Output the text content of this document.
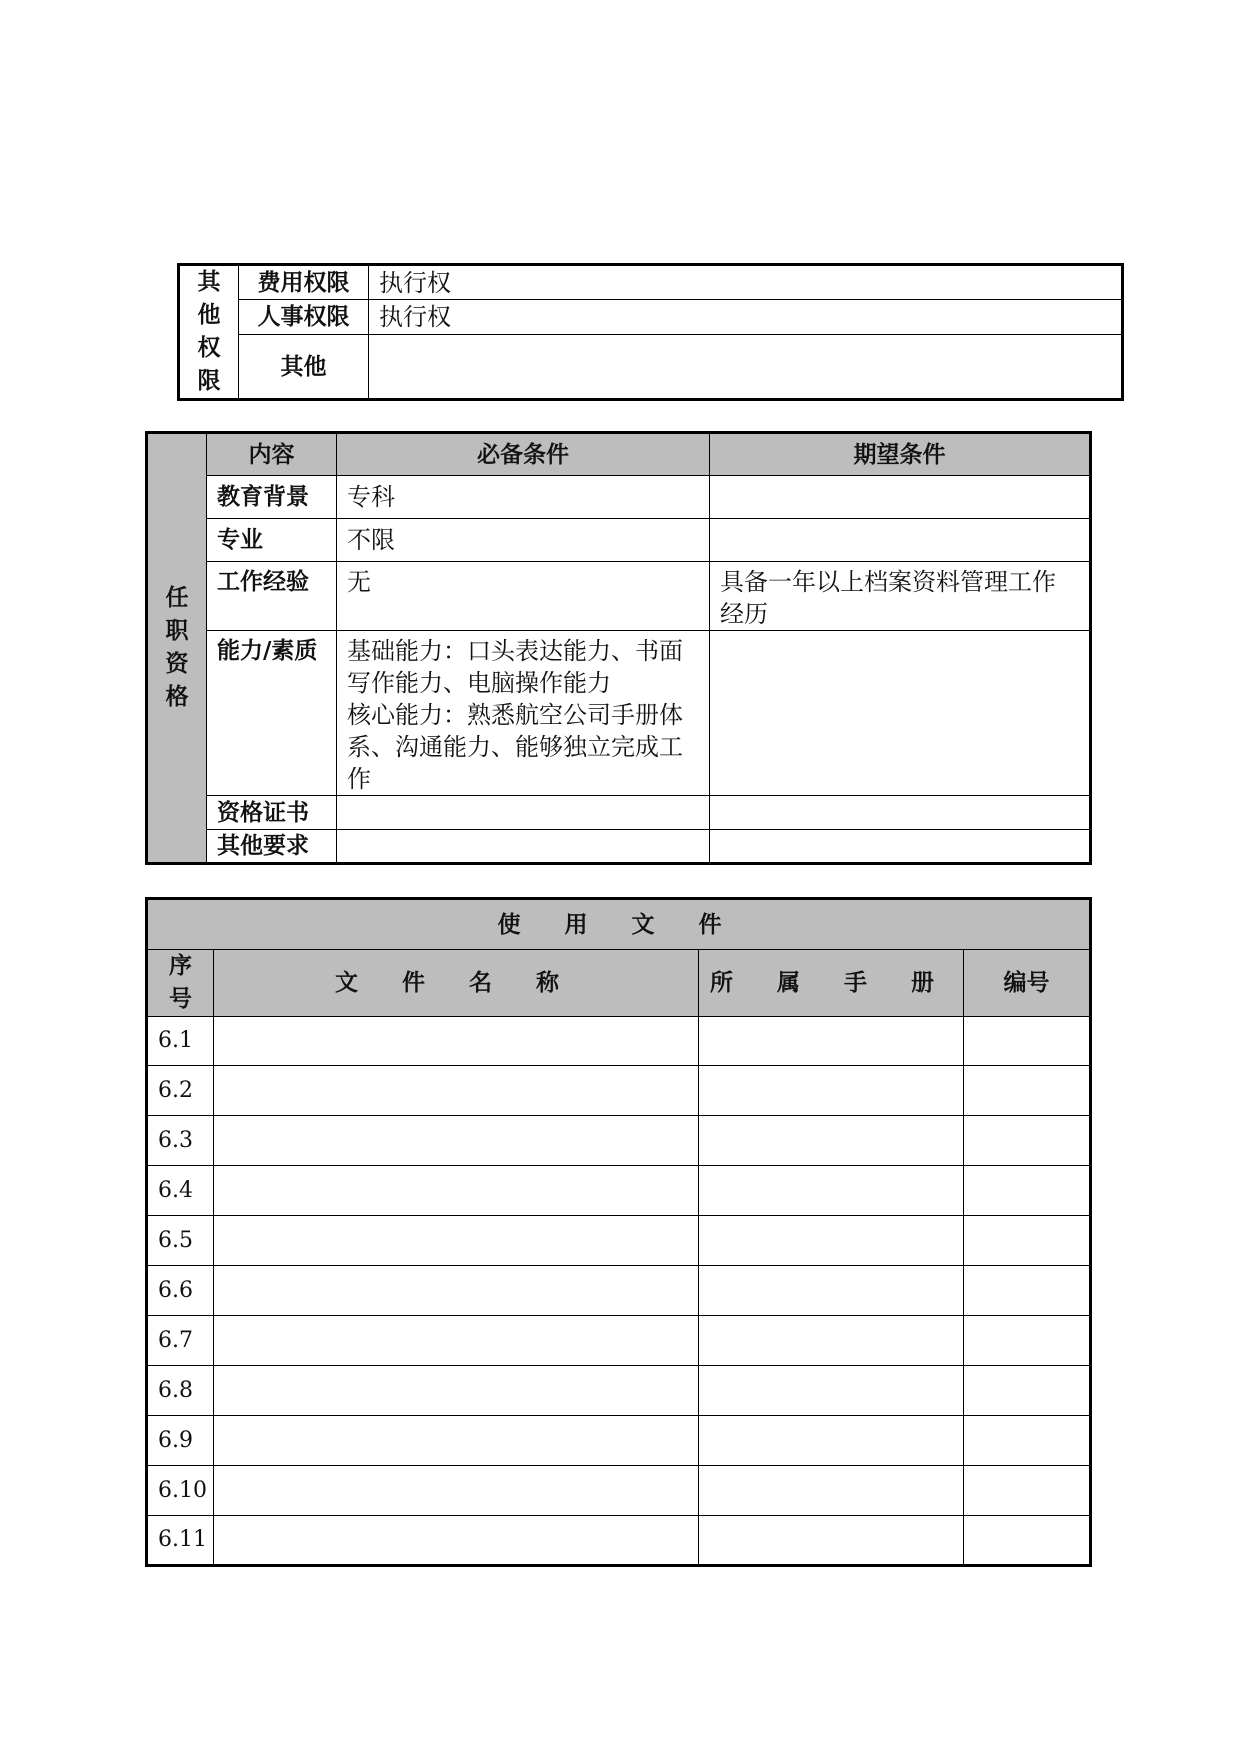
其
他
权
限	费用权限	执行权
	人事权限	执行权
	其他	
任
职
资
格	内容	必备条件	期望条件
	教育背景	专科	
	专业	不限	
	工作经验	无	具备一年以上档案资料管理工作经历
	能力/素质	基础能力：口头表达能力、书面写作能力、电脑操作能力
核心能力：熟悉航空公司手册体系、沟通能力、能够独立完成工作	
	资格证书		
	其他要求		
使 用 文 件			

序
号	文 件 名 称	所 属 手 册	编号
6.1			
6.2			
6.3			
6.4			
6.5			
6.6			
6.7			
6.8			
6.9			
6.10			
6.11			
